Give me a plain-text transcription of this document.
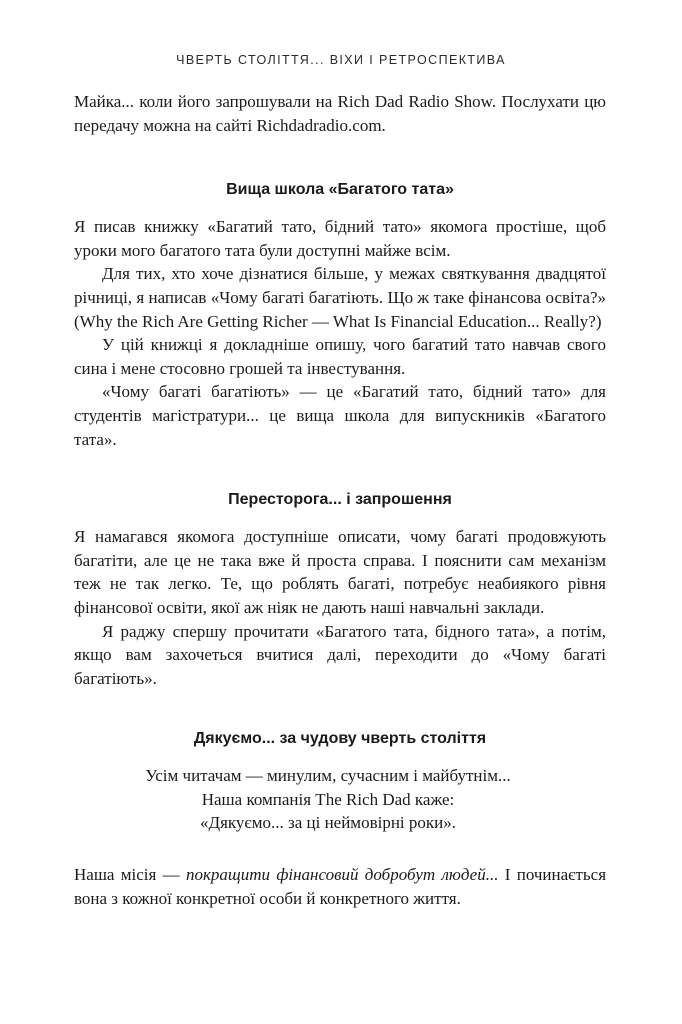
ЧВЕРТЬ СТОЛІТТЯ... ВІХИ І РЕТРОСПЕКТИВА

Майка... коли його запрошували на Rich Dad Radio Show. Послухати цю передачу можна на сайті Richdadradio.com.

Вища школа «Багатого тата»

Я писав книжку «Багатий тато, бідний тато» якомога простіше, щоб уроки мого багатого тата були доступні майже всім.

Для тих, хто хоче дізнатися більше, у межах святкування двадцятої річниці, я написав «Чому багаті багатіють. Що ж таке фінансова освіта?» (Why the Rich Are Getting Richer — What Is Financial Education... Really?)

У цій книжці я докладніше опишу, чого багатий тато навчав свого сина і мене стосовно грошей та інвестування.

«Чому багаті багатіють» — це «Багатий тато, бідний тато» для студентів магістратури... це вища школа для випускників «Багатого тата».

Пересторога... і запрошення

Я намагався якомога доступніше описати, чому багаті продовжують багатіти, але це не така вже й проста справа. І пояснити сам механізм теж не так легко. Те, що роблять багаті, потребує неабиякого рівня фінансової освіти, якої аж ніяк не дають наші навчальні заклади.

Я раджу спершу прочитати «Багатого тата, бідного тата», а потім, якщо вам захочеться вчитися далі, переходити до «Чому багаті багатіють».

Дякуємо... за чудову чверть століття
Усім читачам — минулим, сучасним і майбутнім...
Наша компанія The Rich Dad каже:
«Дякуємо... за ці неймовірні роки».

Наша місія — покращити фінансовий добробут людей... І починається вона з кожної конкретної особи й конкретного життя.
